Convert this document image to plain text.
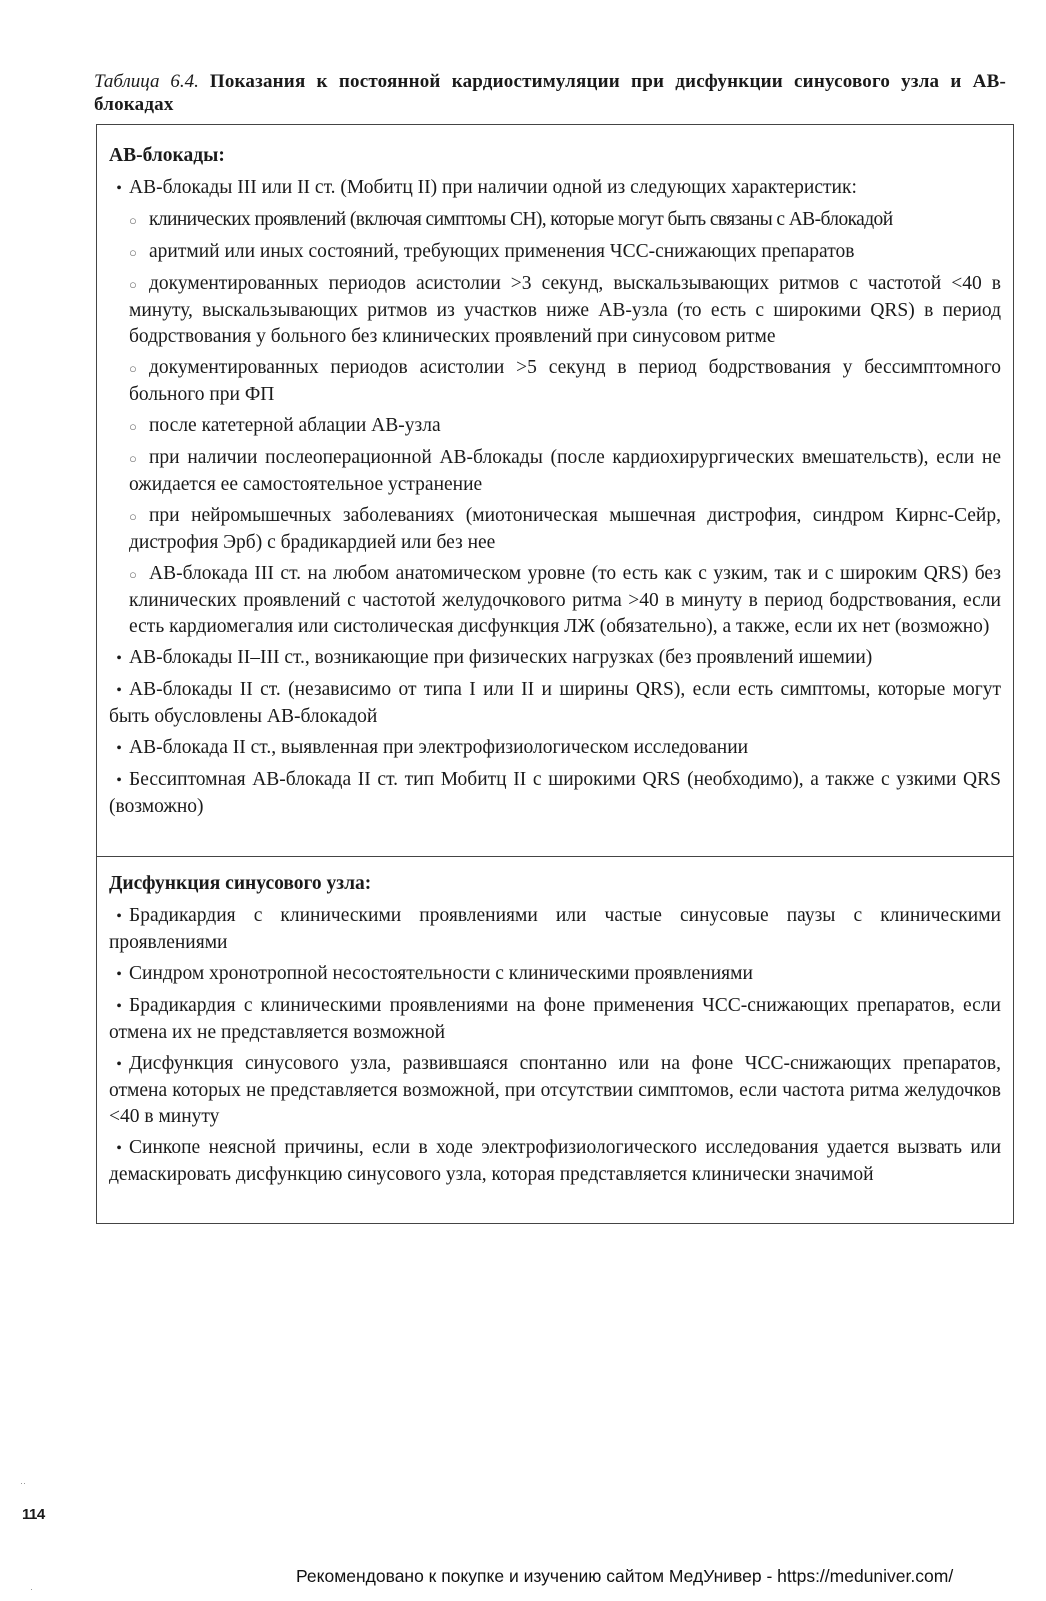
Таблица 6.4. Показания к постоянной кардиостимуляции при дисфункции синусового узла и АВ-блокадах
АВ-блокады:
• АВ-блокады III или II ст. (Мобитц II) при наличии одной из следующих характеристик:
○ клинических проявлений (включая симптомы СН), которые могут быть связаны с АВ-блокадой
○ аритмий или иных состояний, требующих применения ЧСС-снижающих препаратов
○ документированных периодов асистолии >3 секунд, выскальзывающих ритмов с частотой <40 в минуту, выскальзывающих ритмов из участков ниже АВ-узла (то есть с широкими QRS) в период бодрствования у больного без клинических проявлений при синусовом ритме
○ документированных периодов асистолии >5 секунд в период бодрствования у бессимптомного больного при ФП
○ после катетерной аблации АВ-узла
○ при наличии послеоперационной АВ-блокады (после кардиохирургических вмешательств), если не ожидается ее самостоятельное устранение
○ при нейромышечных заболеваниях (миотоническая мышечная дистрофия, синдром Кирнс-Сейр, дистрофия Эрб) с брадикардией или без нее
○ АВ-блокада III ст. на любом анатомическом уровне (то есть как с узким, так и с широким QRS) без клинических проявлений с частотой желудочкового ритма >40 в минуту в период бодрствования, если есть кардиомегалия или систолическая дисфункция ЛЖ (обязательно), а также, если их нет (возможно)
• АВ-блокады II–III ст., возникающие при физических нагрузках (без проявлений ишемии)
• АВ-блокады II ст. (независимо от типа I или II и ширины QRS), если есть симптомы, которые могут быть обусловлены АВ-блокадой
• АВ-блокада II ст., выявленная при электрофизиологическом исследовании
• Бессиптомная АВ-блокада II ст. тип Мобитц II с широкими QRS (необходимо), а также с узкими QRS (возможно)
Дисфункция синусового узла:
• Брадикардия с клиническими проявлениями или частые синусовые паузы с клиническими проявлениями
• Синдром хронотропной несостоятельности с клиническими проявлениями
• Брадикардия с клиническими проявлениями на фоне применения ЧСС-снижающих препаратов, если отмена их не представляется возможной
• Дисфункция синусового узла, развившаяся спонтанно или на фоне ЧСС-снижающих препаратов, отмена которых не представляется возможной, при отсутствии симптомов, если частота ритма желудочков <40 в минуту
• Синкопе неясной причины, если в ходе электрофизиологического исследования удается вызвать или демаскировать дисфункцию синусового узла, которая представляется клинически значимой
··
114
Рекомендовано к покупке и изучению сайтом МедУнивер - https://meduniver.com/
·
